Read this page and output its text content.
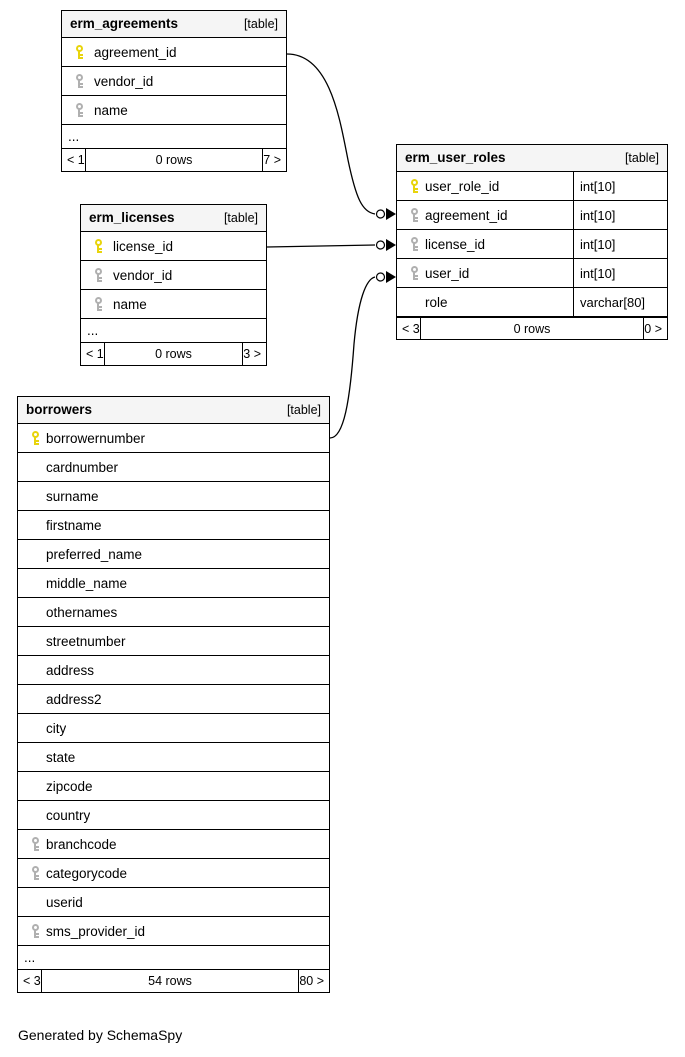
erm_agreements	[table]
agreement_id
vendor_id
name
...
< 1	0 rows	7 >
erm_licenses	[table]
license_id
vendor_id
name
...
< 1	0 rows	3 >
erm_user_roles	[table]
user_role_id	int[10]
agreement_id	int[10]
license_id	int[10]
user_id	int[10]
role	varchar[80]
< 3	0 rows	0 >
borrowers	[table]
borrowernumber
cardnumber
surname
firstname
preferred_name
middle_name
othernames
streetnumber
address
address2
city
state
zipcode
country
branchcode
categorycode
userid
sms_provider_id
...
< 3	54 rows	80 >
Generated by SchemaSpy
